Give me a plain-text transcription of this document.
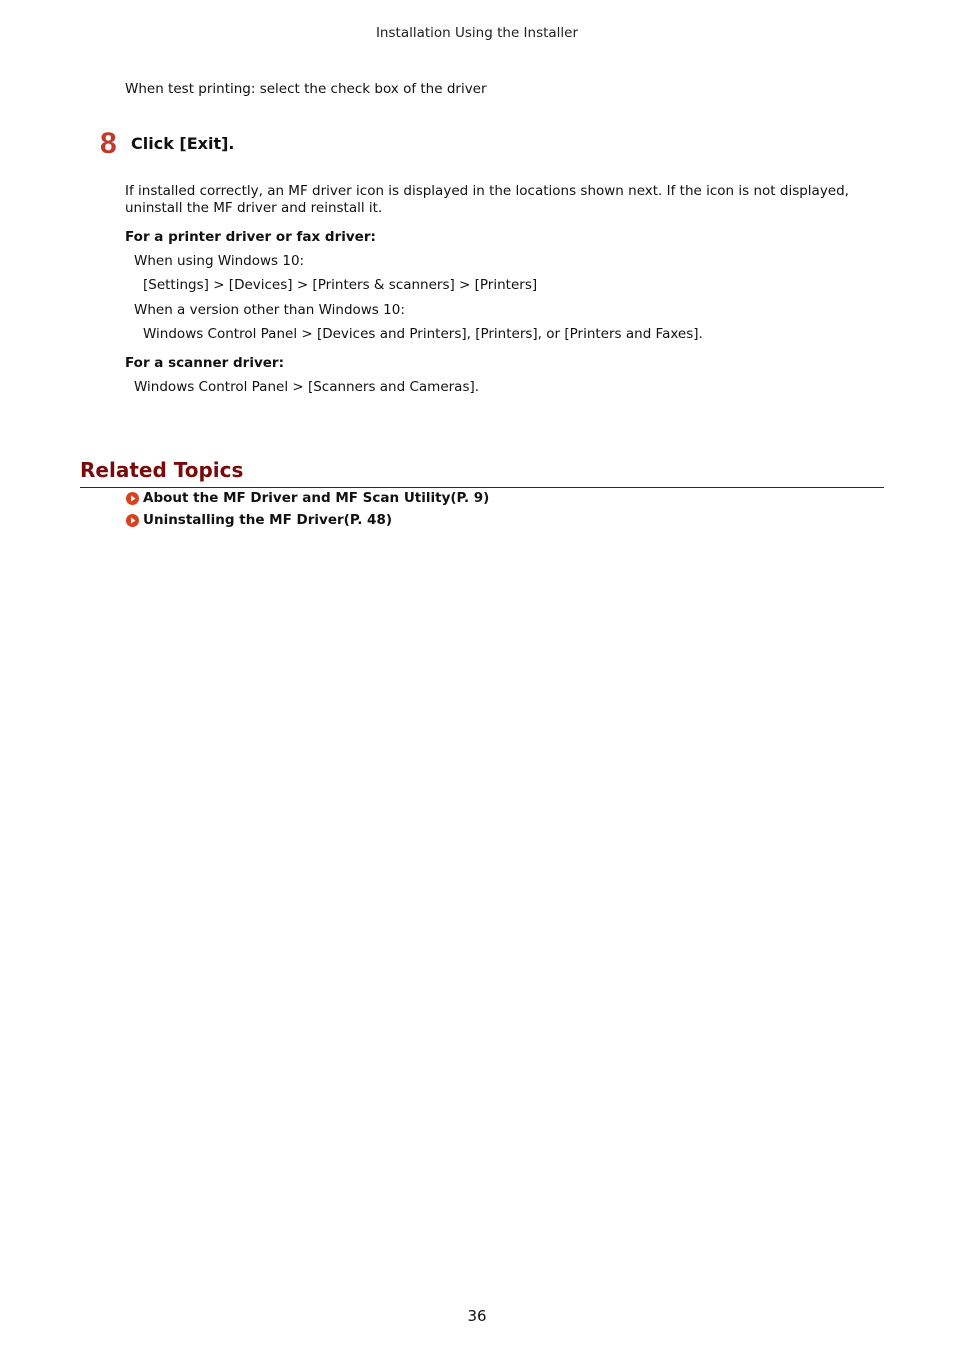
Installation Using the Installer
When test printing: select the check box of the driver
8 Click [Exit].
If installed correctly, an MF driver icon is displayed in the locations shown next. If the icon is not displayed,
uninstall the MF driver and reinstall it.
For a printer driver or fax driver:
When using Windows 10:
[Settings] > [Devices] > [Printers & scanners] > [Printers]
When a version other than Windows 10:
Windows Control Panel > [Devices and Printers], [Printers], or [Printers and Faxes].
For a scanner driver:
Windows Control Panel > [Scanners and Cameras].
Related Topics
About the MF Driver and MF Scan Utility(P. 9)
Uninstalling the MF Driver(P. 48)
36
